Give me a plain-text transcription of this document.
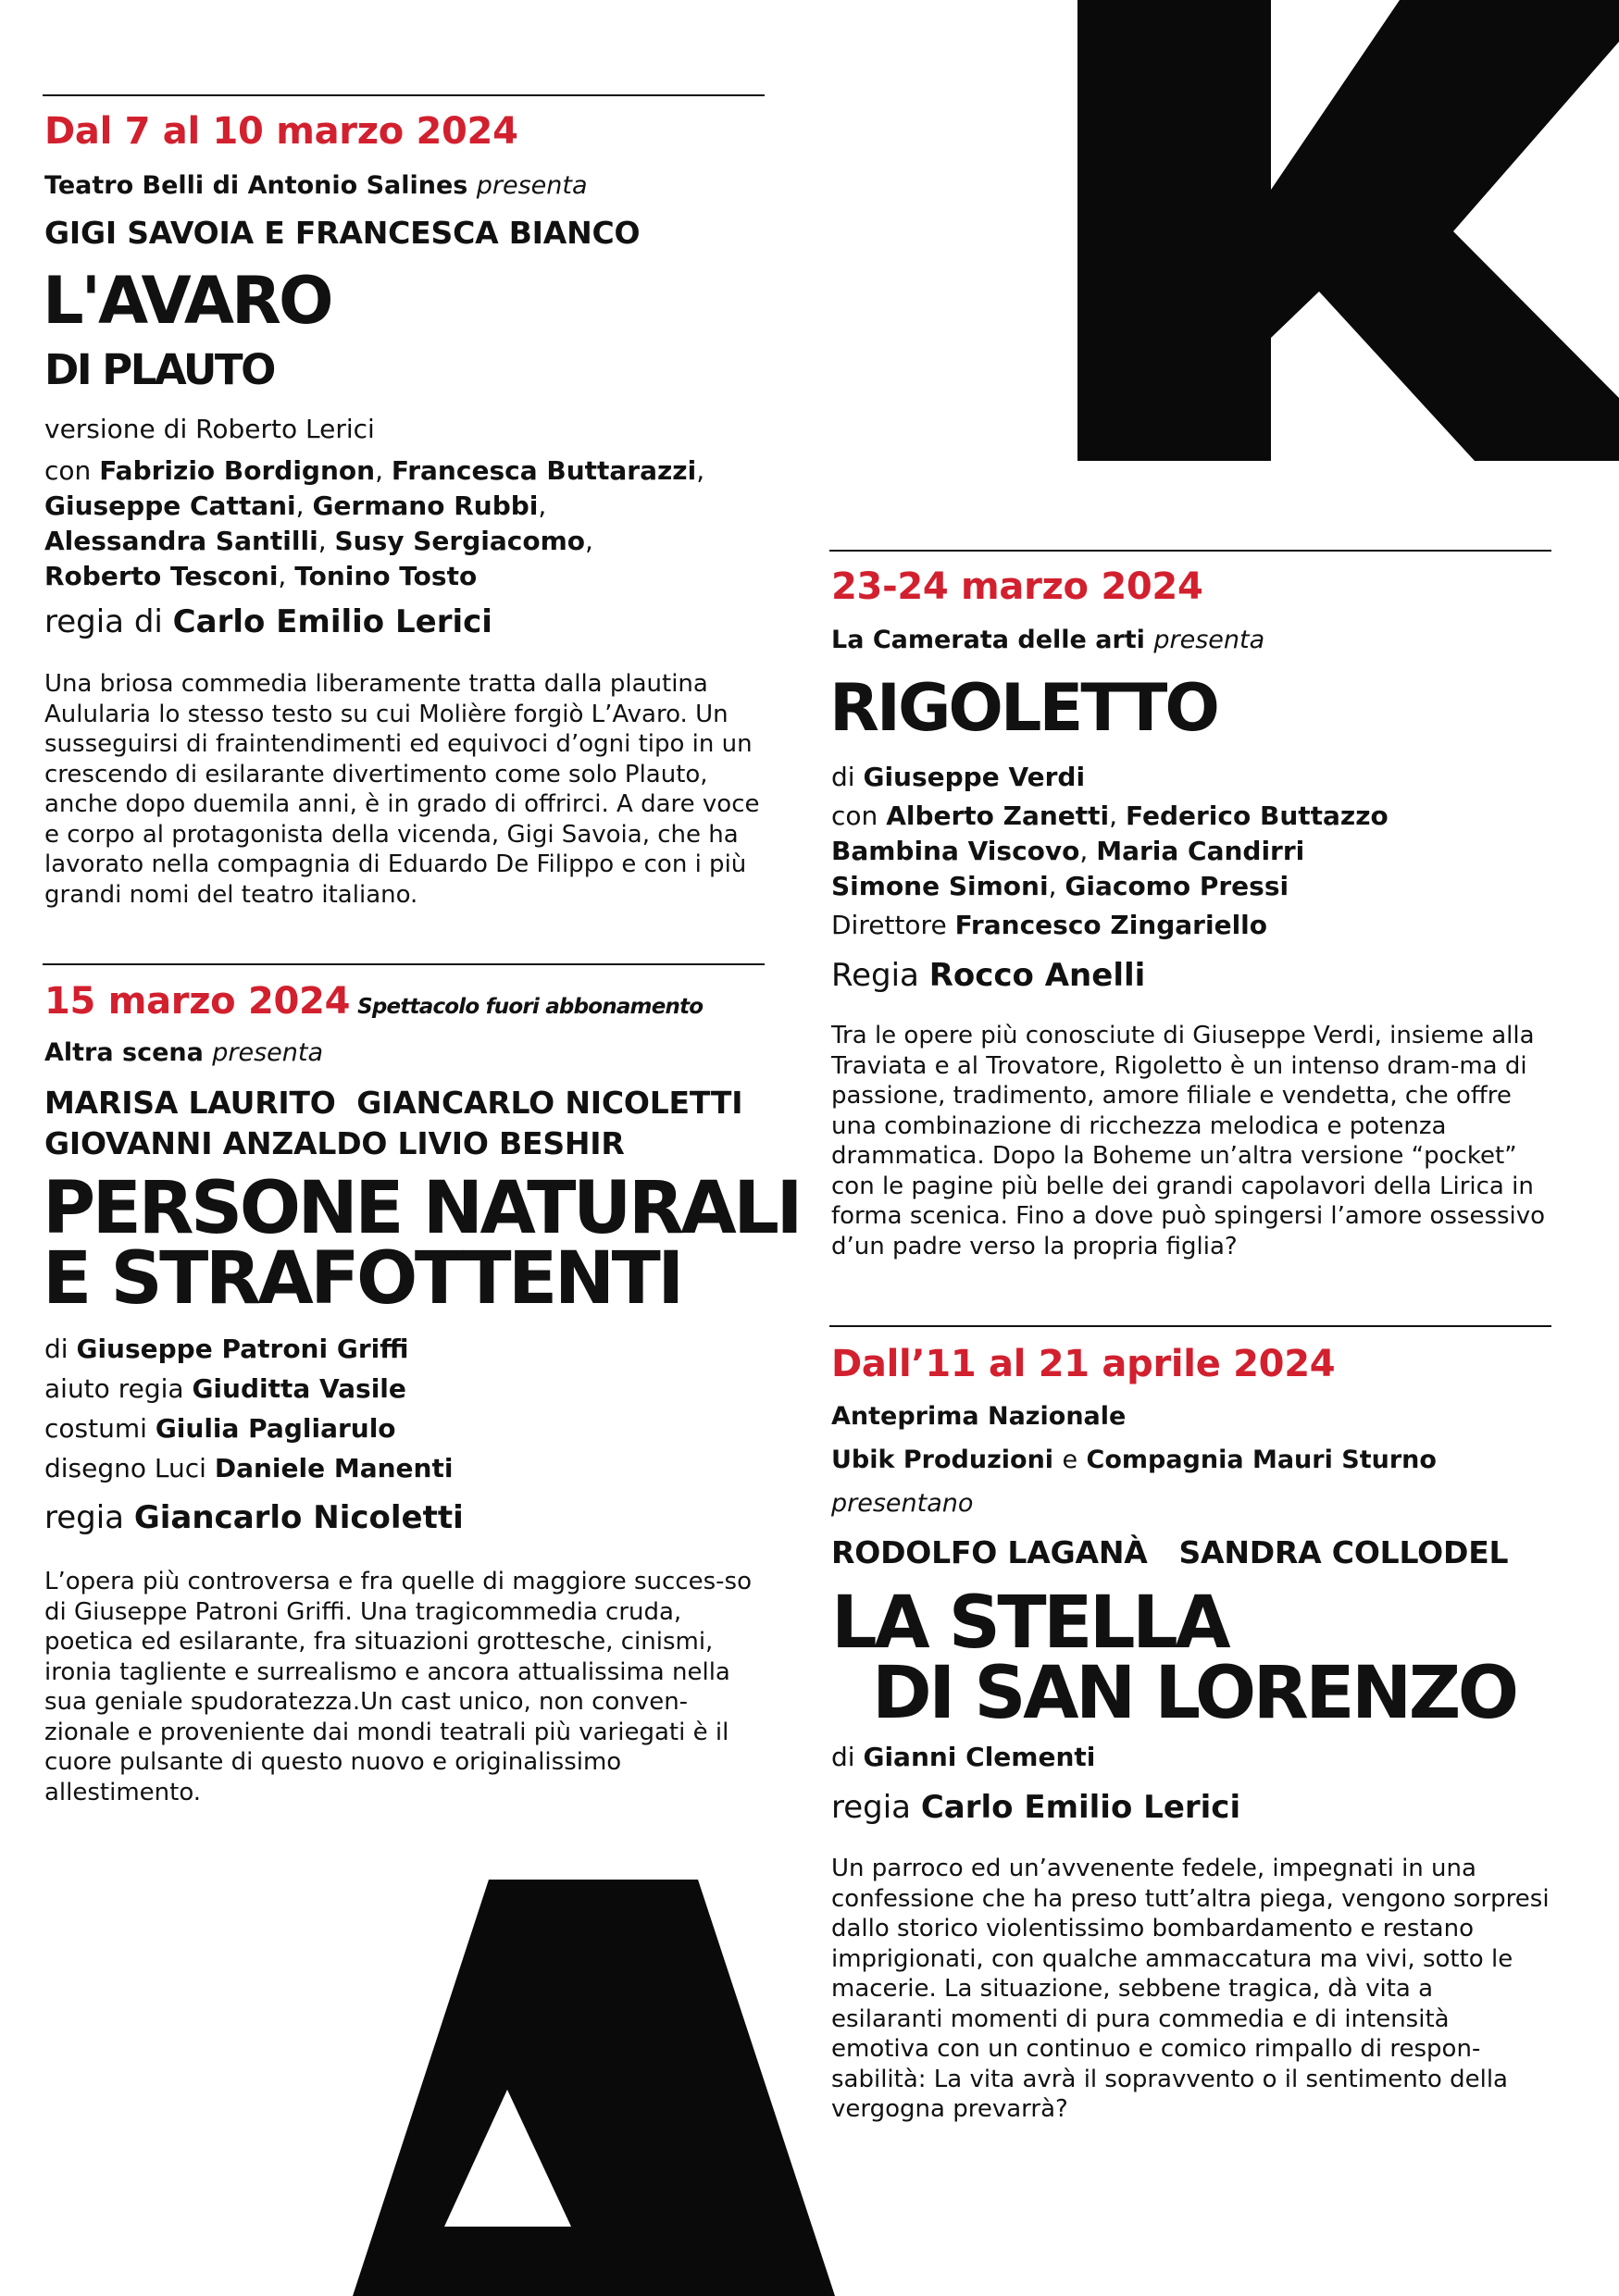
Dal 7 al 10 marzo 2024
Teatro Belli di Antonio Salines presenta
GIGI SAVOIA E FRANCESCA BIANCO
L'AVARO
DI PLAUTO
versione di Roberto Lerici
con Fabrizio Bordignon, Francesca Buttarazzi,
Giuseppe Cattani, Germano Rubbi,
Alessandra Santilli, Susy Sergiacomo,
Roberto Tesconi, Tonino Tosto
regia di Carlo Emilio Lerici
Una briosa commedia liberamente tratta dalla plautina Aulularia lo stesso testo su cui Molière forgiò L’Avaro. Un susseguirsi di fraintendimenti ed equivoci d’ogni tipo in un crescendo di esilarante divertimento come solo Plauto, anche dopo duemila anni, è in grado di offrirci. A dare voce e corpo al protagonista della vicenda, Gigi Savoia, che ha lavorato nella compagnia di Eduardo De Filippo e con i più grandi nomi del teatro italiano.
15 marzo 2024 Spettacolo fuori abbonamento
Altra scena presenta
MARISA LAURITO  GIANCARLO NICOLETTI
GIOVANNI ANZALDO LIVIO BESHIR
PERSONE NATURALI
E STRAFOTTENTI
di Giuseppe Patroni Griffi
aiuto regia Giuditta Vasile
costumi Giulia Pagliarulo
disegno Luci Daniele Manenti
regia Giancarlo Nicoletti
L’opera più controversa e fra quelle di maggiore succes-so di Giuseppe Patroni Griffi. Una tragicommedia cruda, poetica ed esilarante, fra situazioni grottesche, cinismi, ironia tagliente e surrealismo e ancora attualissima nella sua geniale spudoratezza.Un cast unico, non conven-zionale e proveniente dai mondi teatrali più variegati è il cuore pulsante di questo nuovo e originalissimo allestimento.
23-24 marzo 2024
La Camerata delle arti presenta
RIGOLETTO
di Giuseppe Verdi
con Alberto Zanetti, Federico Buttazzo
Bambina Viscovo, Maria Candirri
Simone Simoni, Giacomo Pressi
Direttore Francesco Zingariello
Regia Rocco Anelli
Tra le opere più conosciute di Giuseppe Verdi, insieme alla Traviata e al Trovatore, Rigoletto è un intenso dram-ma di passione, tradimento, amore filiale e vendetta, che offre una combinazione di ricchezza melodica e potenza drammatica. Dopo la Boheme un’altra versione “pocket” con le pagine più belle dei grandi capolavori della Lirica in forma scenica. Fino a dove può spingersi l’amore ossessivo d’un padre verso la propria figlia?
Dall’11 al 21 aprile 2024
Anteprima Nazionale
Ubik Produzioni e Compagnia Mauri Sturno
presentano
RODOLFO LAGANÀ   SANDRA COLLODEL
LA STELLA
DI SAN LORENZO
di Gianni Clementi
regia Carlo Emilio Lerici
Un parroco ed un’avvenente fedele, impegnati in una confessione che ha preso tutt’altra piega, vengono sorpresi dallo storico violentissimo bombardamento e restano imprigionati, con qualche ammaccatura ma vivi, sotto le macerie. La situazione, sebbene tragica, dà vita a esilaranti momenti di pura commedia e di intensità emotiva con un continuo e comico rimpallo di respon-sabilità: La vita avrà il sopravvento o il sentimento della vergogna prevarrà?
